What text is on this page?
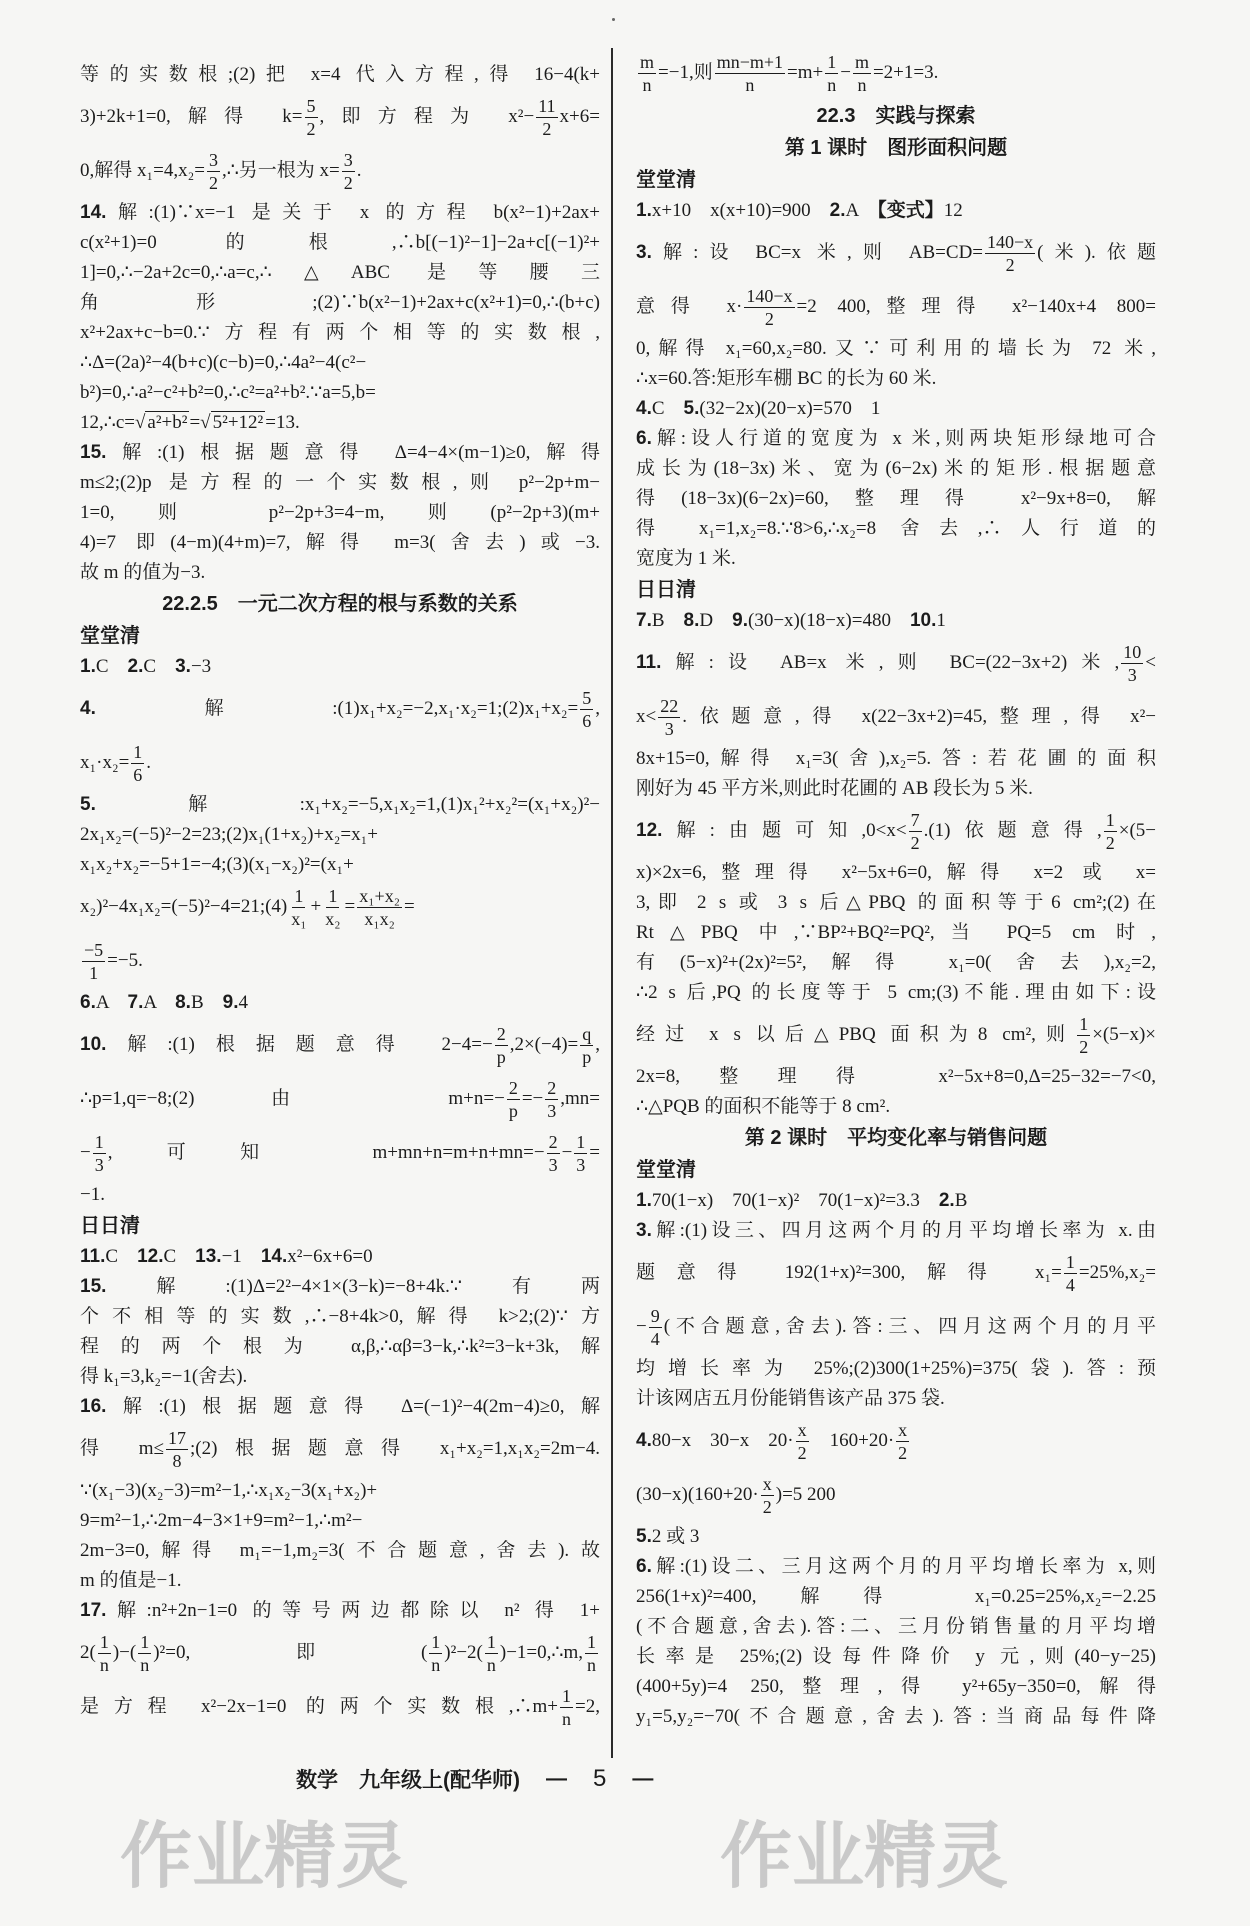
等的实数根;(2)把 x=4 代入方程,得 16−4(k+
3)+2k+1=0,解得 $k= \frac{5}{2}$ ,即方程为 $x^2- \frac{11}{2} x+6=$
0,解得 $x_1=4,x_2= \frac{3}{2}$ ,∴另一根为 $x= \frac{3}{2}$ .
14.解:(1)∵x=−1 是关于 x 的方程 b(x²−1)+2ax+
c(x²+1)=0 的根,∴b[(−1)²−1]−2a+c[(−1)²+
1]=0,∴−2a+2c=0,∴a=c,∴△ABC 是等腰三
角形;(2)∵b(x²−1)+2ax+c(x²+1)=0,∴(b+c)
x²+2ax+c−b=0.∵方程有两个相等的实数根,
∴Δ=(2a)²−4(b+c)(c−b)=0,∴4a²−4(c²−
b²)=0,∴a²−c²+b²=0,∴c²=a²+b².∵a=5,b=
12,∴c=√ a²+b² =√ 5²+12² =13.
15.解:(1)根据题意得 Δ=4−4×(m−1)≥0,解得
m≤2;(2)p 是方程的一个实数根,则 p²−2p+m−
1=0,则 p²−2p+3=4−m,则(p²−2p+3)(m+
4)=7 即(4−m)(4+m)=7,解得 m=3(舍去)或−3.
故 m 的值为−3.
22.2.5　一元二次方程的根与系数的关系
堂堂清
1.C　2.C　3.−3
4.解:(1)x₁+x₂=−2,x₁·x₂=1;(2)x₁+x₂= $\frac{5}{6}$ ,
$x_1\cdot x_2= \frac{1}{6}$ .
5.解:x₁+x₂=−5,x₁x₂=1,(1)x₁²+x₂²=(x₁+x₂)²−
2x₁x₂=(−5)²−2=23;(2)x₁(1+x₂)+x₂=x₁+
x₁x₂+x₂=−5+1=−4;(3)(x₁−x₂)²=(x₁+
x₂)²−4x₁x₂=(−5)²−4=21;(4) $\frac{1}{\text{x₁}} + \frac{1}{\text{x₂}} = \frac{\text{x₁+x₂}}{\text{x₁x₂}}$ =
$\frac{-5}{1} =-5$.
6.A　7.A　8.B　9.4
10.解:(1)根据题意得 $2-4=- \frac{2}{p} ,2\times(-4)= \frac{q}{p}$ ,
∴p=1,q=−8;(2)由 $m+n=- \frac{2}{p} =- \frac{2}{3} ,mn=$
− $\frac{1}{3}$ ,可知 $m+mn+n=m+n+mn=- \frac{2}{3} - \frac{1}{3}$ =
−1.
日日清
11.C　12.C　13.−1　14.x²−6x+6=0
15.解:(1)Δ=2²−4×1×(3−k)=−8+4k.∵有两
个不相等的实数,∴−8+4k>0,解得 k>2;(2)∵方
程的两个根为 α,β,∴αβ=3−k,∴k²=3−k+3k,解
得 k₁=3,k₂=−1(舍去).
16.解:(1)根据题意得 Δ=(−1)²−4(2m−4)≥0,解
得 $m\le \frac{17}{8}$ ;(2)根据题意得 x₁+x₂=1,x₁x₂=2m−4.
∵(x₁−3)(x₂−3)=m²−1,∴x₁x₂−3(x₁+x₂)+
9=m²−1,∴2m−4−3×1+9=m²−1,∴m²−
2m−3=0,解得 m₁=−1,m₂=3(不合题意,舍去).故
m 的值是−1.
17.解:n²+2n−1=0 的等号两边都除以 n² 得 1+
$2( \frac{1}{n}$ )−( $\frac{1}{n} )^2=0$,即( $\frac{1}{n} )^2-2( \frac{1}{n}$ )−1=0,∴m, $\frac{1}{n}$
是方程 x²−2x−1=0 的两个实数根,∴m+ $\frac{1}{n} =2$,
$\frac{m}{n} =-1$,则 $\frac{mn-m+1}{n} =m+ \frac{1}{n} - \frac{m}{n} =2+1=3$.
22.3　实践与探索
第 1 课时　图形面积问题
堂堂清
1.x+10　x(x+10)=900　2.A　【变式】12
3.解:设 BC=x 米,则 $AB=CD= \frac{140-x}{2}$ (米).依题
意得 $x\cdot \frac{140-x}{2} =2$ 400,整理得 x²−140x+4 800=
0,解得 x₁=60,x₂=80.又∵可利用的墙长为 72 米,
∴x=60.答:矩形车棚 BC 的长为 60 米.
4.C　5.(32−2x)(20−x)=570　1
6.解:设人行道的宽度为 x 米,则两块矩形绿地可合
成长为(18−3x)米、宽为(6−2x)米的矩形.根据题意
得(18−3x)(6−2x)=60,整理得 x²−9x+8=0,解
得 x₁=1,x₂=8.∵8>6,∴x₂=8 舍去,∴人行道的
宽度为 1 米.
日日清
7.B　8.D　9.(30−x)(18−x)=480　10.1
11.解:设 AB=x 米,则 BC=(22−3x+2)米, $\frac{10}{3}$ <
$x< \frac{22}{3}$ .依题意,得 x(22−3x+2)=45,整理,得 x²−
8x+15=0,解得 x₁=3(舍),x₂=5.答:若花圃的面积
刚好为 45 平方米,则此时花圃的 AB 段长为 5 米.
12.解:由题可知$,0<x< \frac{7}{2} .(1)$依题意得, $\frac{1}{2} \times(5-$
x)×2x=6,整理得 x²−5x+6=0,解得 x=2 或 x=
3,即 2 s 或 3 s 后△PBQ 的面积等于6 cm²;(2)在
Rt△PBQ 中,∵BP²+BQ²=PQ²,当 PQ=5 cm 时,
有(5−x)²+(2x)²=5²,解得 x₁=0(舍去),x₂=2,
∴2 s 后,PQ 的长度等于 5 cm;(3)不能.理由如下:设
经过 x s 以后△PBQ 面积为8 cm²,则 $\frac{1}{2} \times(5-x)\times$
2x=8,整理得 x²−5x+8=0,Δ=25−32=−7<0,
∴△PQB 的面积不能等于 8 cm².
第 2 课时　平均变化率与销售问题
堂堂清
1.70(1−x)　70(1−x)²　70(1−x)²=3.3　2.B
3.解:(1)设三、四月这两个月的月平均增长率为 x.由
题意得 192(1+x)²=300,解得 $x_1= \frac{1}{4} =25\%,x_2=$
− $\frac{9}{4}$ (不合题意,舍去).答:三、四月这两个月的月平
均增长率为 25%;(2)300(1+25%)=375(袋).答:预
计该网店五月份能销售该产品 375 袋.
4.80−x　30−x　$20\cdot \frac{x}{2}$ 　$160+20\cdot \frac{x}{2}$
$(30-x)(160+20\cdot \frac{x}{2} )=5$ 200
5.2 或 3
6.解:(1)设二、三月这两个月的月平均增长率为 x,则
256(1+x)²=400,解得 x₁=0.25=25%,x₂=−2.25
(不合题意,舍去).答:二、三月份销售量的月平均增
长率是 25%;(2)设每件降价 y 元,则(40−y−25)
(400+5y)=4 250,整理,得 y²+65y−350=0,解得
y₁=5,y₂=−70(不合题意,舍去).答:当商品每件降
数学　九年级上(配华师) — 5 —
作业精灵	作业精灵
